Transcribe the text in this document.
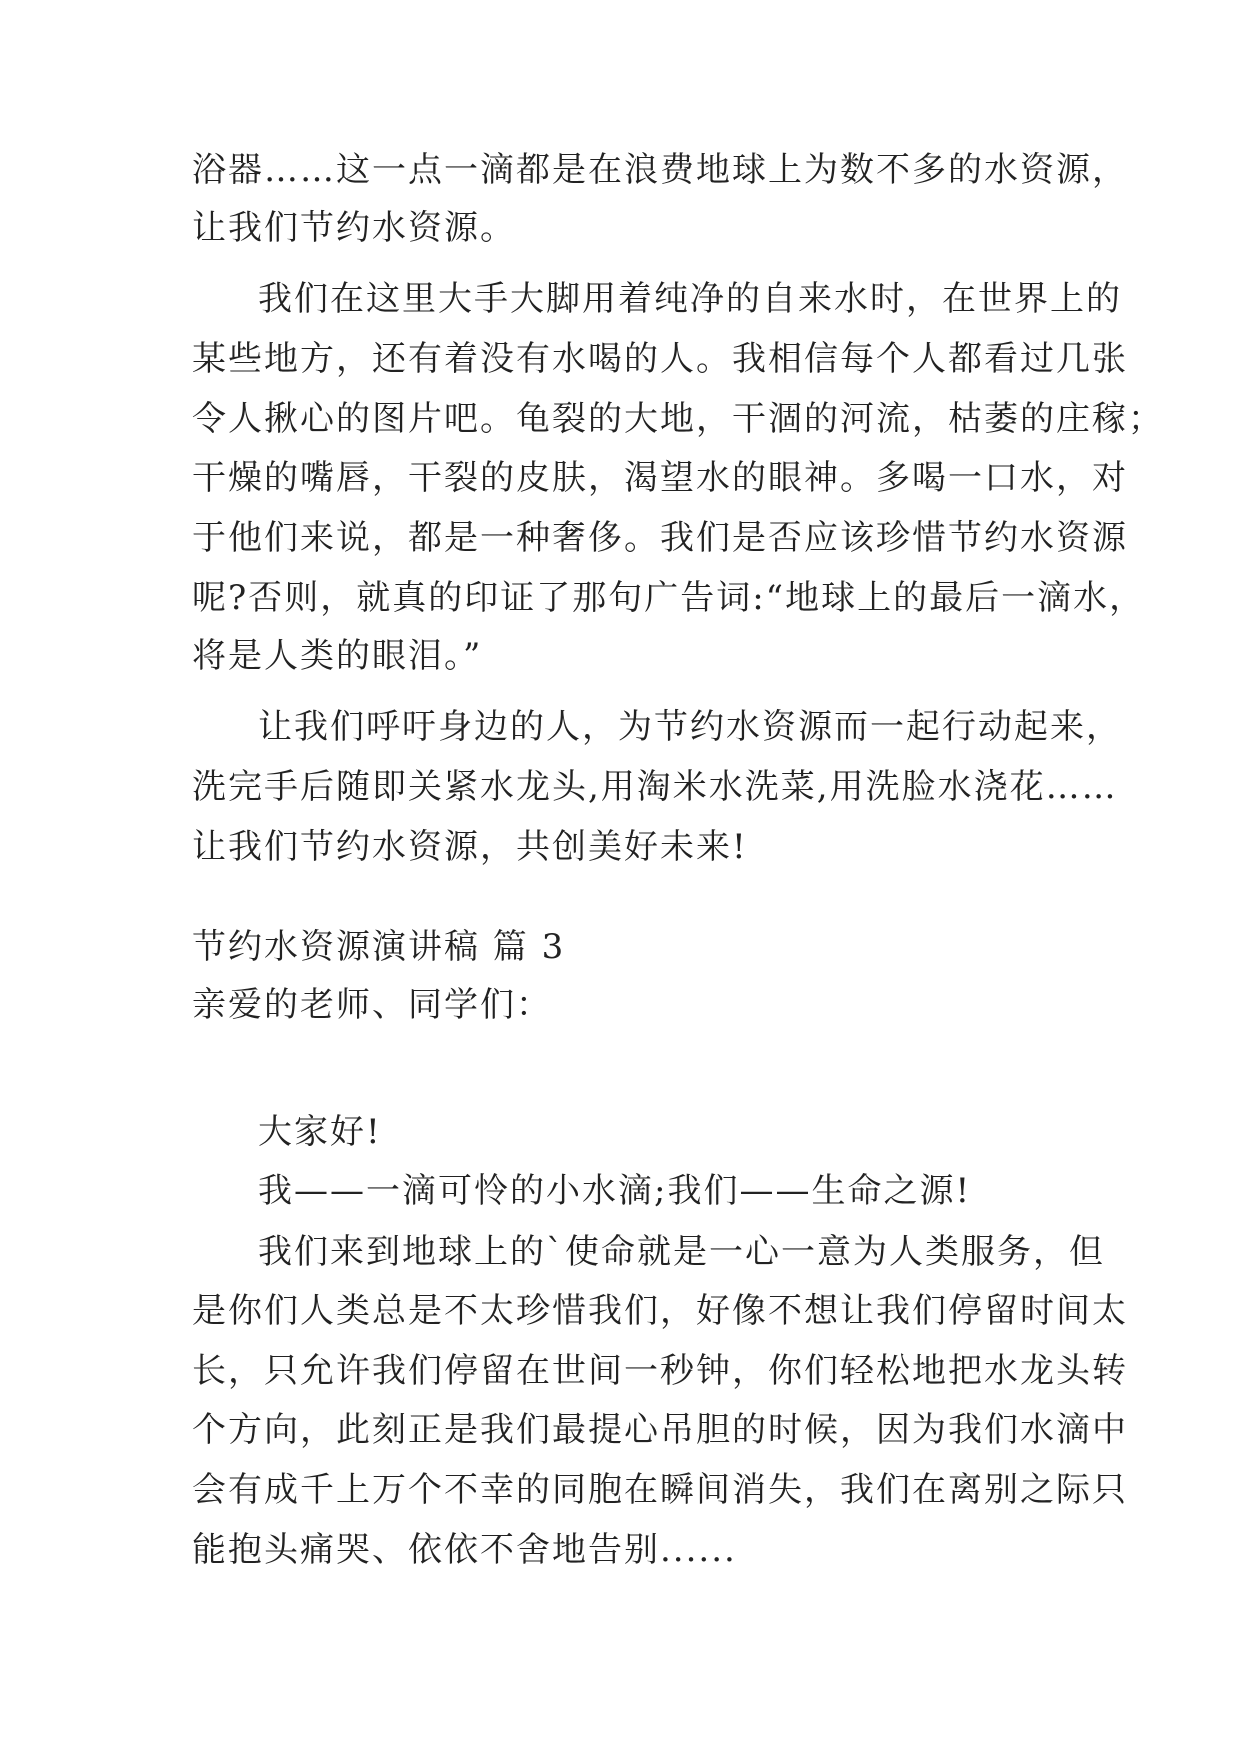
浴器……这一点一滴都是在浪费地球上为数不多的水资源，
让我们节约水资源。
我们在这里大手大脚用着纯净的自来水时，在世界上的
某些地方，还有着没有水喝的人。我相信每个人都看过几张
令人揪心的图片吧。龟裂的大地，干涸的河流，枯萎的庄稼；
干燥的嘴唇，干裂的皮肤，渴望水的眼神。多喝一口水，对
于他们来说，都是一种奢侈。我们是否应该珍惜节约水资源
呢?否则，就真的印证了那句广告词:“地球上的最后一滴水，
将是人类的眼泪。”
让我们呼吁身边的人，为节约水资源而一起行动起来，
洗完手后随即关紧水龙头,用淘米水洗菜,用洗脸水浇花……
让我们节约水资源，共创美好未来!
节约水资源演讲稿 篇 3
亲爱的老师、同学们：
大家好!
我——一滴可怜的小水滴;我们——生命之源!
我们来到地球上的`使命就是一心一意为人类服务，但
是你们人类总是不太珍惜我们，好像不想让我们停留时间太
长，只允许我们停留在世间一秒钟，你们轻松地把水龙头转
个方向，此刻正是我们最提心吊胆的时候，因为我们水滴中
会有成千上万个不幸的同胞在瞬间消失，我们在离别之际只
能抱头痛哭、依依不舍地告别......
